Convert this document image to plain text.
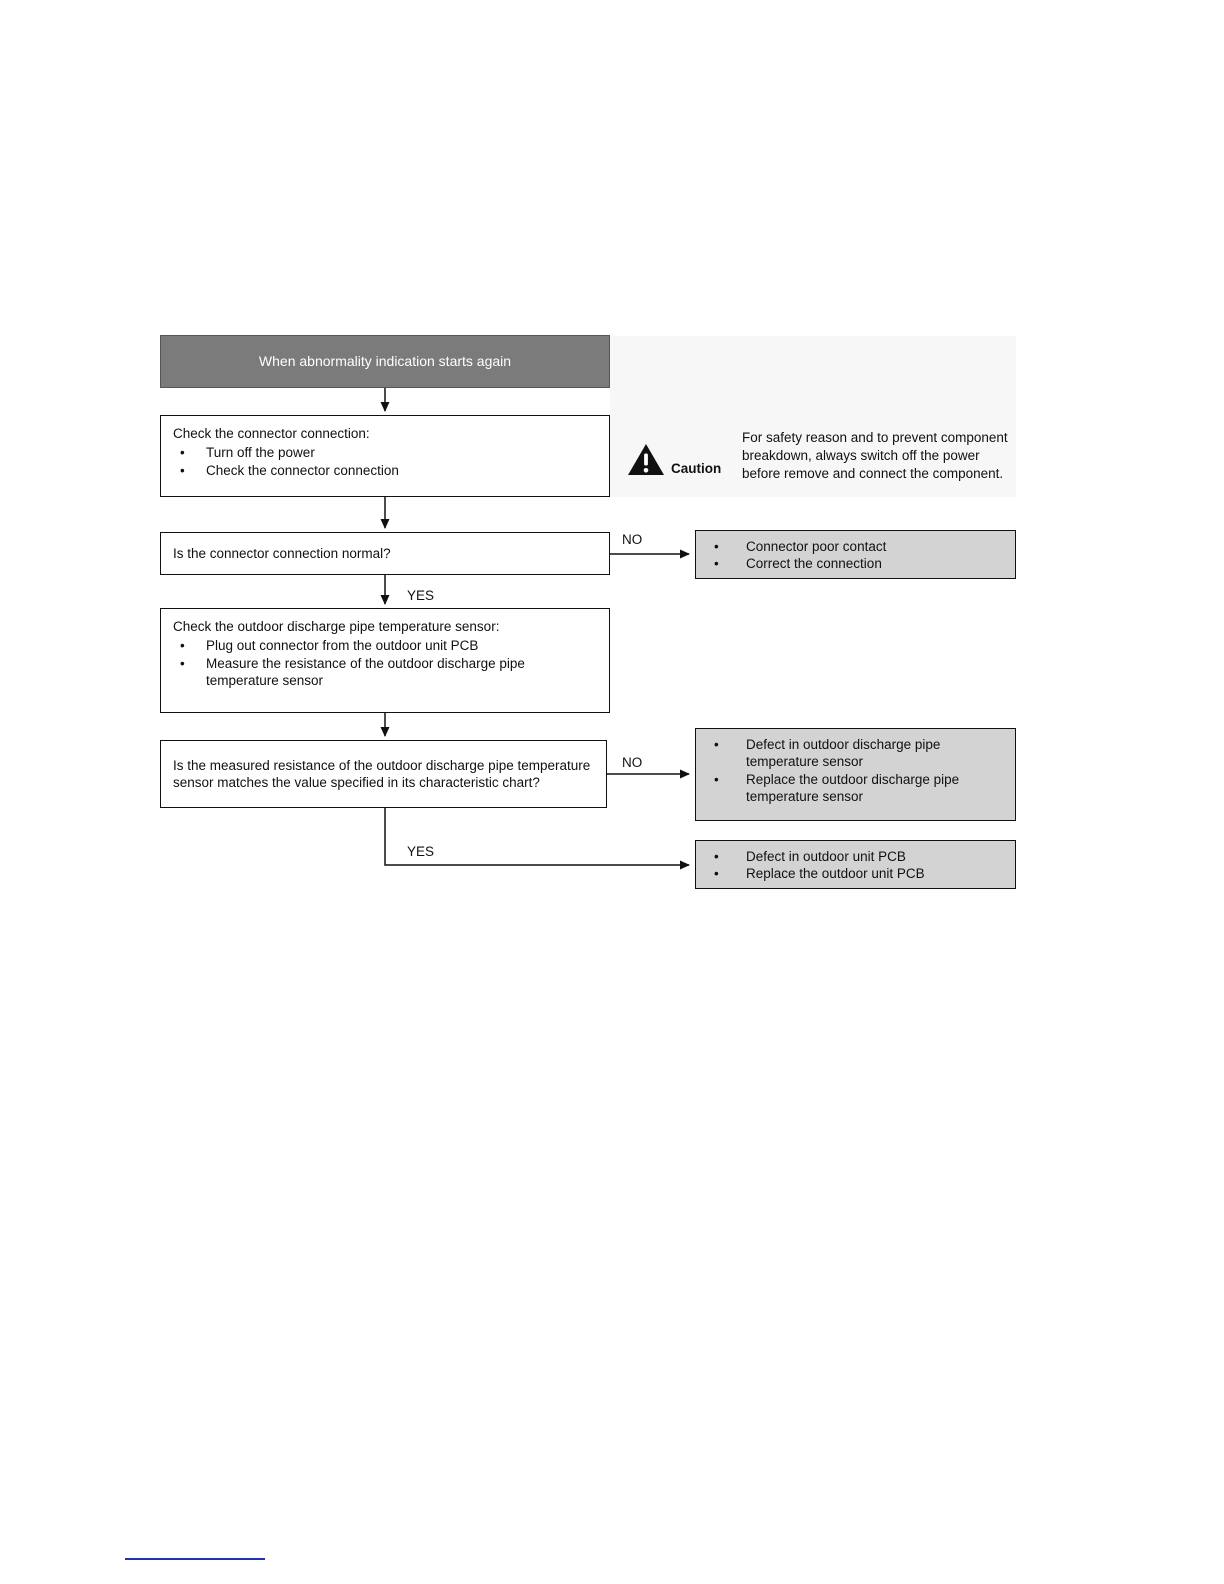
When abnormality indication starts again
Check the connector connection:
• Turn off the power
• Check the connector connection	Caution
For safety reason and to prevent component breakdown, always switch off the power before remove and connect the component.
Is the connector connection normal?
NO
YES
• Connector poor contact
• Correct the connection
Check the outdoor discharge pipe temperature sensor:
• Plug out connector from the outdoor unit PCB
• Measure the resistance of the outdoor discharge pipe temperature sensor
Is the measured resistance of the outdoor discharge pipe temperature sensor matches the value specified in its characteristic chart?
NO
YES
• Defect in outdoor discharge pipe temperature sensor
• Replace the outdoor discharge pipe temperature sensor
• Defect in outdoor unit PCB
• Replace the outdoor unit PCB
